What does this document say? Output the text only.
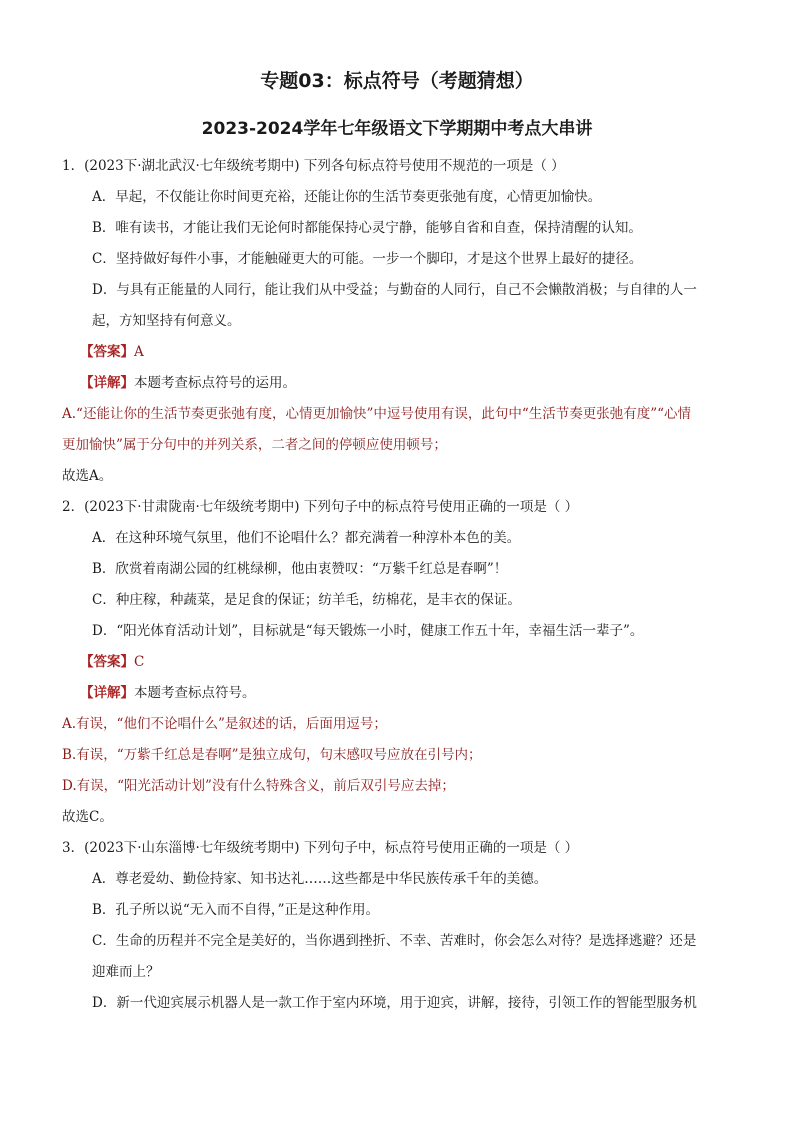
专题03：标点符号（考题猜想）
2023-2024学年七年级语文下学期期中考点大串讲
1．(2023下·湖北武汉·七年级统考期中) 下列各句标点符号使用不规范的一项是（ ）
A．早起，不仅能让你时间更充裕，还能让你的生活节奏更张弛有度，心情更加愉快。
B．唯有读书，才能让我们无论何时都能保持心灵宁静，能够自省和自查，保持清醒的认知。
C．坚持做好每件小事，才能触碰更大的可能。一步一个脚印，才是这个世界上最好的捷径。
D．与具有正能量的人同行，能让我们从中受益；与勤奋的人同行，自己不会懒散消极；与自律的人一
起，方知坚持有何意义。
【答案】A
【详解】本题考查标点符号的运用。
A.“还能让你的生活节奏更张弛有度，心情更加愉快”中逗号使用有误，此句中“生活节奏更张弛有度”“心情
更加愉快”属于分句中的并列关系，二者之间的停顿应使用顿号；
故选A。
2．(2023下·甘肃陇南·七年级统考期中) 下列句子中的标点符号使用正确的一项是（ ）
A．在这种环境气氛里，他们不论唱什么？都充满着一种淳朴本色的美。
B．欣赏着南湖公园的红桃绿柳，他由衷赞叹：“万紫千红总是春啊”！
C．种庄稼，种蔬菜，是足食的保证；纺羊毛，纺棉花，是丰衣的保证。
D．“阳光体育活动计划”，目标就是“每天锻炼一小时，健康工作五十年，幸福生活一辈子”。
【答案】C
【详解】本题考查标点符号。
A.有误，“他们不论唱什么”是叙述的话，后面用逗号；
B.有误，“万紫千红总是春啊”是独立成句，句末感叹号应放在引号内；
D.有误，“阳光活动计划”没有什么特殊含义，前后双引号应去掉；
故选C。
3．(2023下·山东淄博·七年级统考期中) 下列句子中，标点符号使用正确的一项是（ ）
A．尊老爱幼、勤俭持家、知书达礼……这些都是中华民族传承千年的美德。
B．孔子所以说“无入而不自得，”正是这种作用。
C．生命的历程并不完全是美好的，当你遇到挫折、不幸、苦难时，你会怎么对待？是选择逃避？还是
迎难而上？
D．新一代迎宾展示机器人是一款工作于室内环境，用于迎宾，讲解，接待，引领工作的智能型服务机
